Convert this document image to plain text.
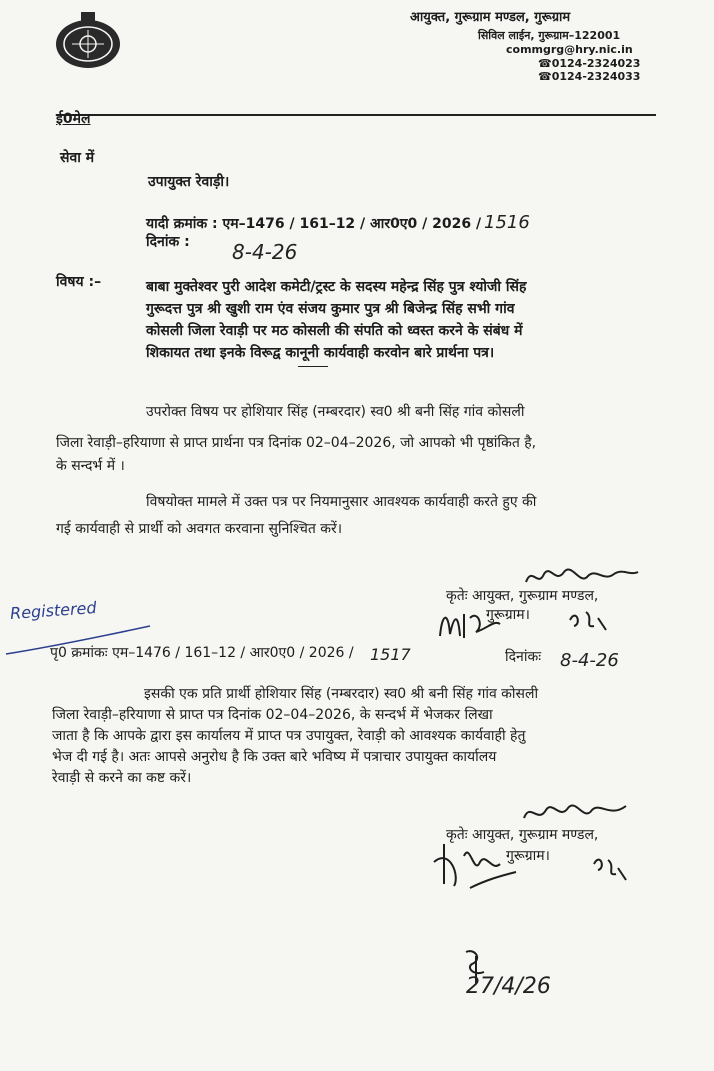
आयुक्त, गुरूग्राम मण्डल, गुरूग्राम
सिविल लाईन, गुरूग्राम–122001
commgrg@hry.nic.in
☎0124-2324023
☎0124-2324033
ई0मेल
सेवा में
उपायुक्त रेवाड़ी।
यादी क्रमांक : एम–1476 / 161–12 / आर0ए0 / 2026 / 1516
दिनांक : 8-4-26
विषय :–	बाबा मुक्तेश्वर पुरी आदेश कमेटी/ट्रस्ट के सदस्य महेन्द्र सिंह पुत्र श्योजी सिंह
गुरूदत्त पुत्र श्री खुशी राम एंव संजय कुमार पुत्र श्री बिजेन्द्र सिंह सभी गांव
कोसली जिला रेवाड़ी पर मठ कोसली की संपति को ध्वस्त करने के संबंध में
शिकायत तथा इनके विरूद्व कानूनी कार्यवाही करवोन बारे प्रार्थना पत्र।
उपरोक्त विषय पर होशियार सिंह (नम्बरदार) स्व0 श्री बनी सिंह गांव कोसली
जिला रेवाड़ी–हरियाणा से प्राप्त प्रार्थना पत्र दिनांक 02–04–2026, जो आपको भी पृष्ठांकित है,
के सन्दर्भ में ।
विषयोक्त मामले में उक्त पत्र पर नियमानुसार आवश्यक कार्यवाही करते हुए की
गई कार्यवाही से प्रार्थी को अवगत करवाना सुनिश्चित करें।
कृतेः आयुक्त, गुरूग्राम मण्डल,
गुरूग्राम।
Registered
पृ0 क्रमांकः एम–1476 / 161–12 / आर0ए0 / 2026 / 1517	दिनांकः 8-4-26
इसकी एक प्रति प्रार्थी होशियार सिंह (नम्बरदार) स्व0 श्री बनी सिंह गांव कोसली
जिला रेवाड़ी–हरियाणा से प्राप्त पत्र दिनांक 02–04–2026, के सन्दर्भ में भेजकर लिखा
जाता है कि आपके द्वारा इस कार्यालय में प्राप्त पत्र उपायुक्त, रेवाड़ी को आवश्यक कार्यवाही हेतु
भेज दी गई है। अतः आपसे अनुरोध है कि उक्त बारे भविष्य में पत्राचार उपायुक्त कार्यालय
रेवाड़ी से करने का कष्ट करें।
कृतेः आयुक्त, गुरूग्राम मण्डल,
गुरूग्राम।
27/4/26
